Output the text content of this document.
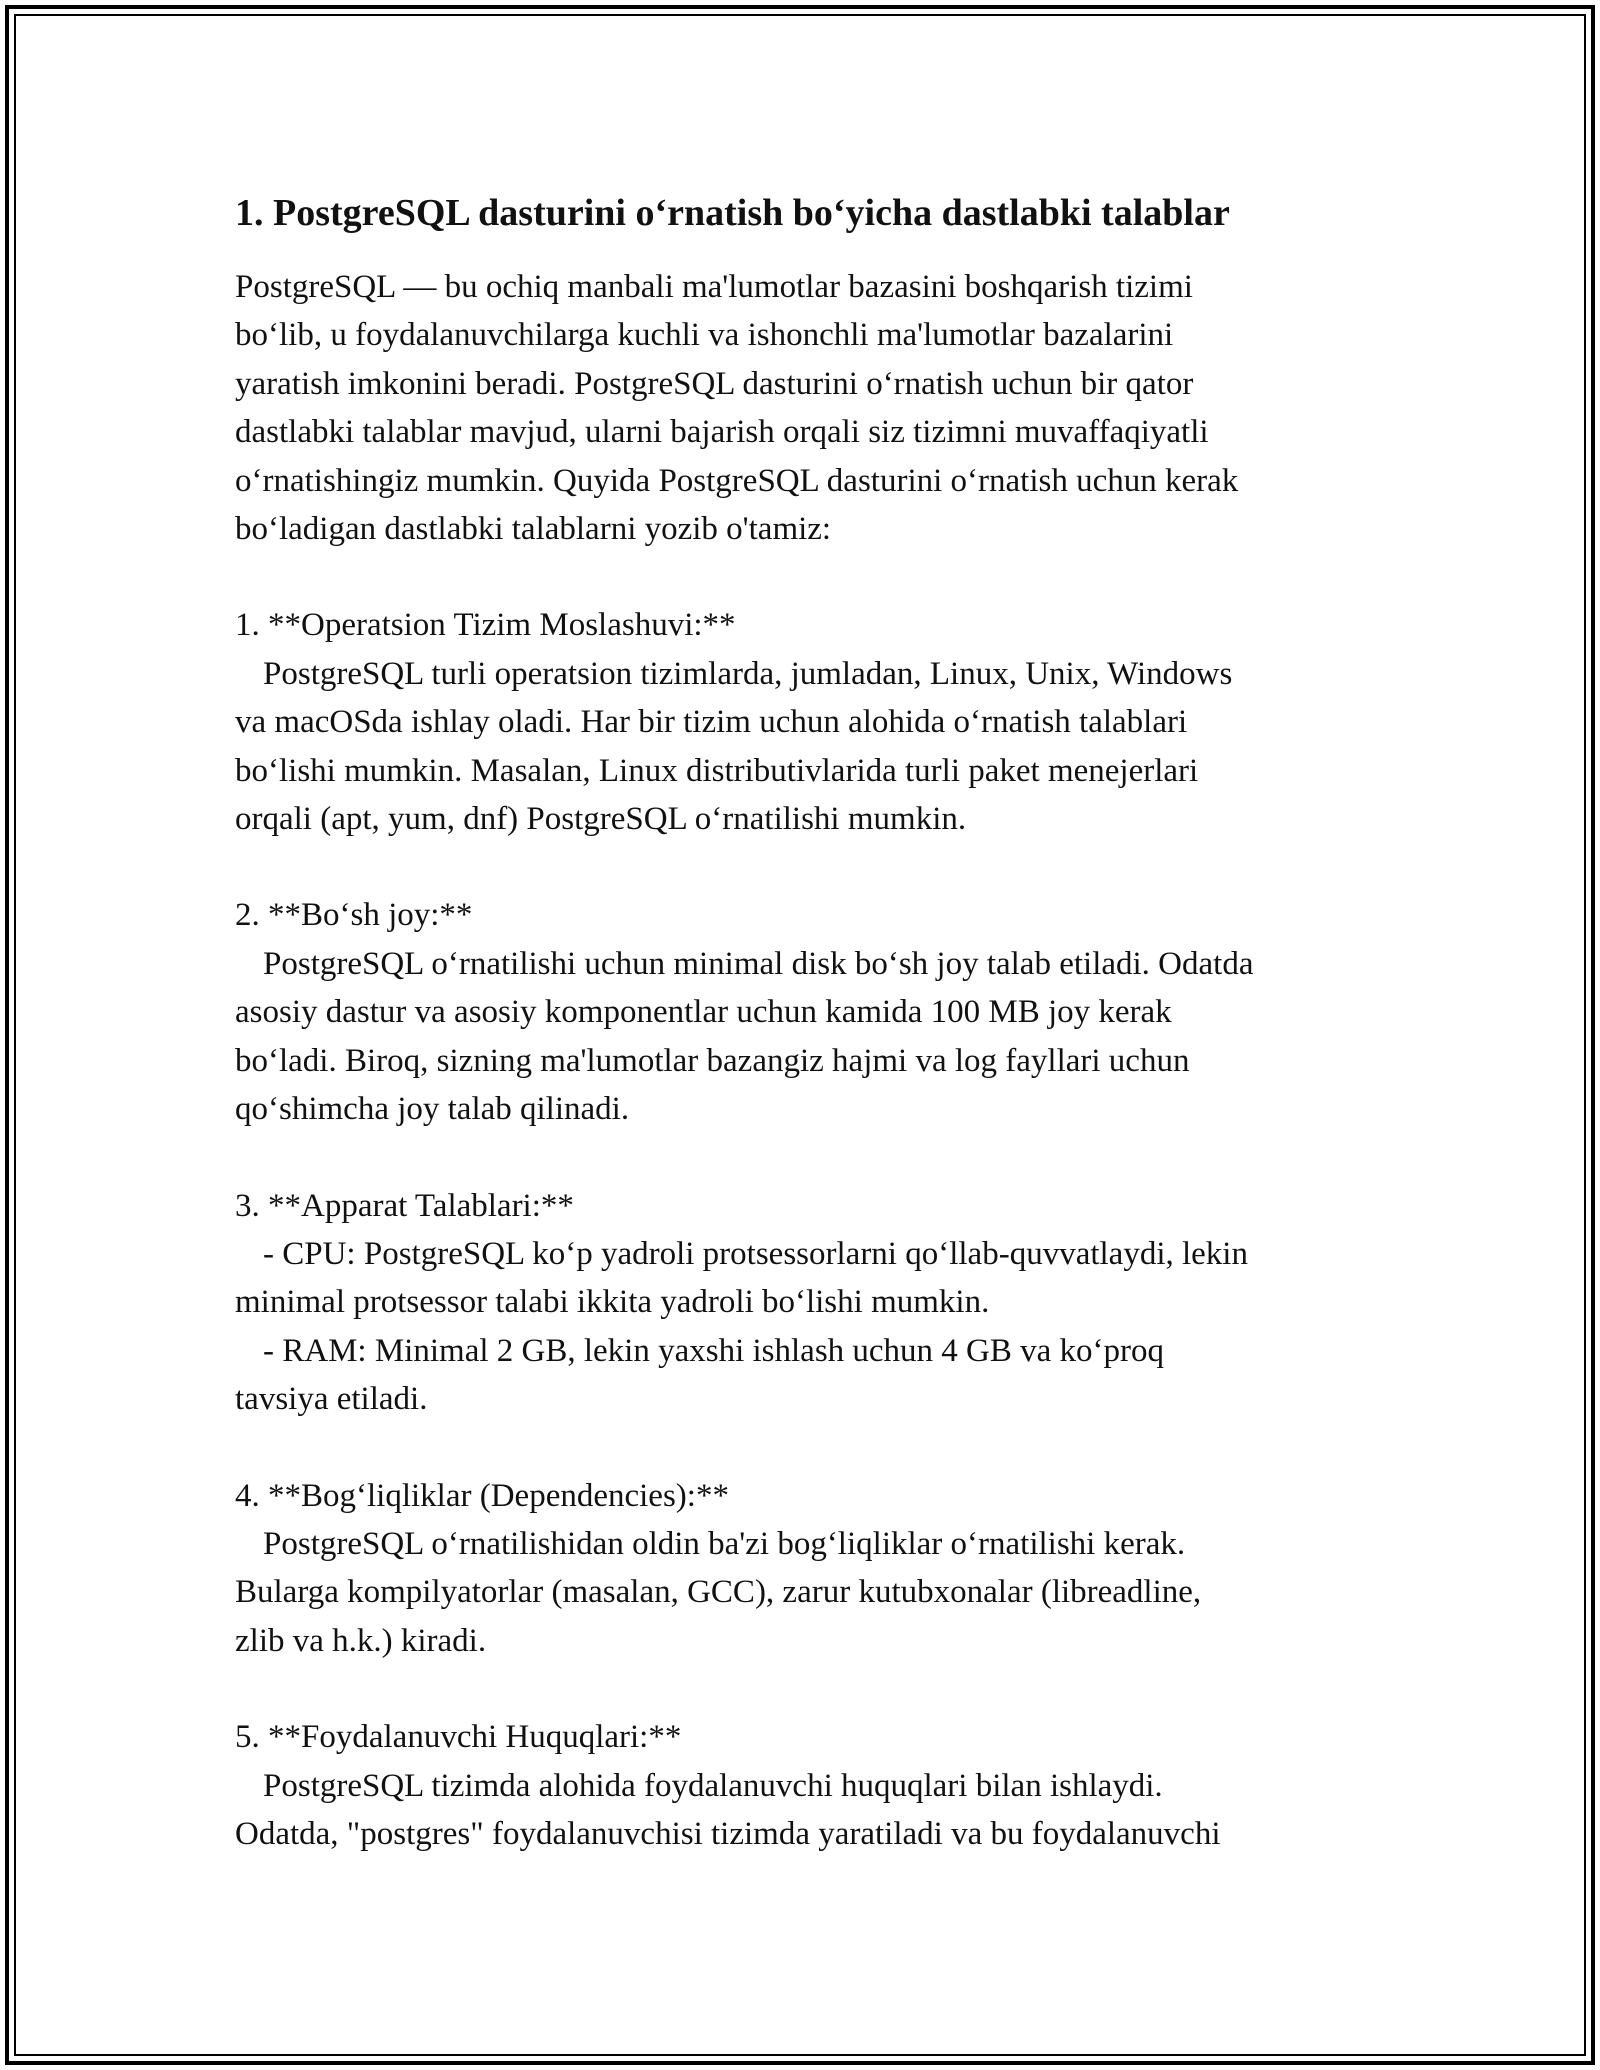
1. PostgreSQL dasturini o‘rnatish bo‘yicha dastlabki talablar

PostgreSQL — bu ochiq manbali ma'lumotlar bazasini boshqarish tizimi
bo‘lib, u foydalanuvchilarga kuchli va ishonchli ma'lumotlar bazalarini
yaratish imkonini beradi. PostgreSQL dasturini o‘rnatish uchun bir qator
dastlabki talablar mavjud, ularni bajarish orqali siz tizimni muvaffaqiyatli
o‘rnatishingiz mumkin. Quyida PostgreSQL dasturini o‘rnatish uchun kerak
bo‘ladigan dastlabki talablarni yozib o'tamiz:

1. **Operatsion Tizim Moslashuvi:**
PostgreSQL turli operatsion tizimlarda, jumladan, Linux, Unix, Windows
va macOSda ishlay oladi. Har bir tizim uchun alohida o‘rnatish talablari
bo‘lishi mumkin. Masalan, Linux distributivlarida turli paket menejerlari
orqali (apt, yum, dnf) PostgreSQL o‘rnatilishi mumkin.
2. **Bo‘sh joy:**
PostgreSQL o‘rnatilishi uchun minimal disk bo‘sh joy talab etiladi. Odatda
asosiy dastur va asosiy komponentlar uchun kamida 100 MB joy kerak
bo‘ladi. Biroq, sizning ma'lumotlar bazangiz hajmi va log fayllari uchun
qo‘shimcha joy talab qilinadi.
3. **Apparat Talablari:**
- CPU: PostgreSQL ko‘p yadroli protsessorlarni qo‘llab-quvvatlaydi, lekin
minimal protsessor talabi ikkita yadroli bo‘lishi mumkin.
- RAM: Minimal 2 GB, lekin yaxshi ishlash uchun 4 GB va ko‘proq
tavsiya etiladi.
4. **Bog‘liqliklar (Dependencies):**
PostgreSQL o‘rnatilishidan oldin ba'zi bog‘liqliklar o‘rnatilishi kerak.
Bularga kompilyatorlar (masalan, GCC), zarur kutubxonalar (libreadline,
zlib va h.k.) kiradi.
5. **Foydalanuvchi Huquqlari:**
PostgreSQL tizimda alohida foydalanuvchi huquqlari bilan ishlaydi.
Odatda, "postgres" foydalanuvchisi tizimda yaratiladi va bu foydalanuvchi
